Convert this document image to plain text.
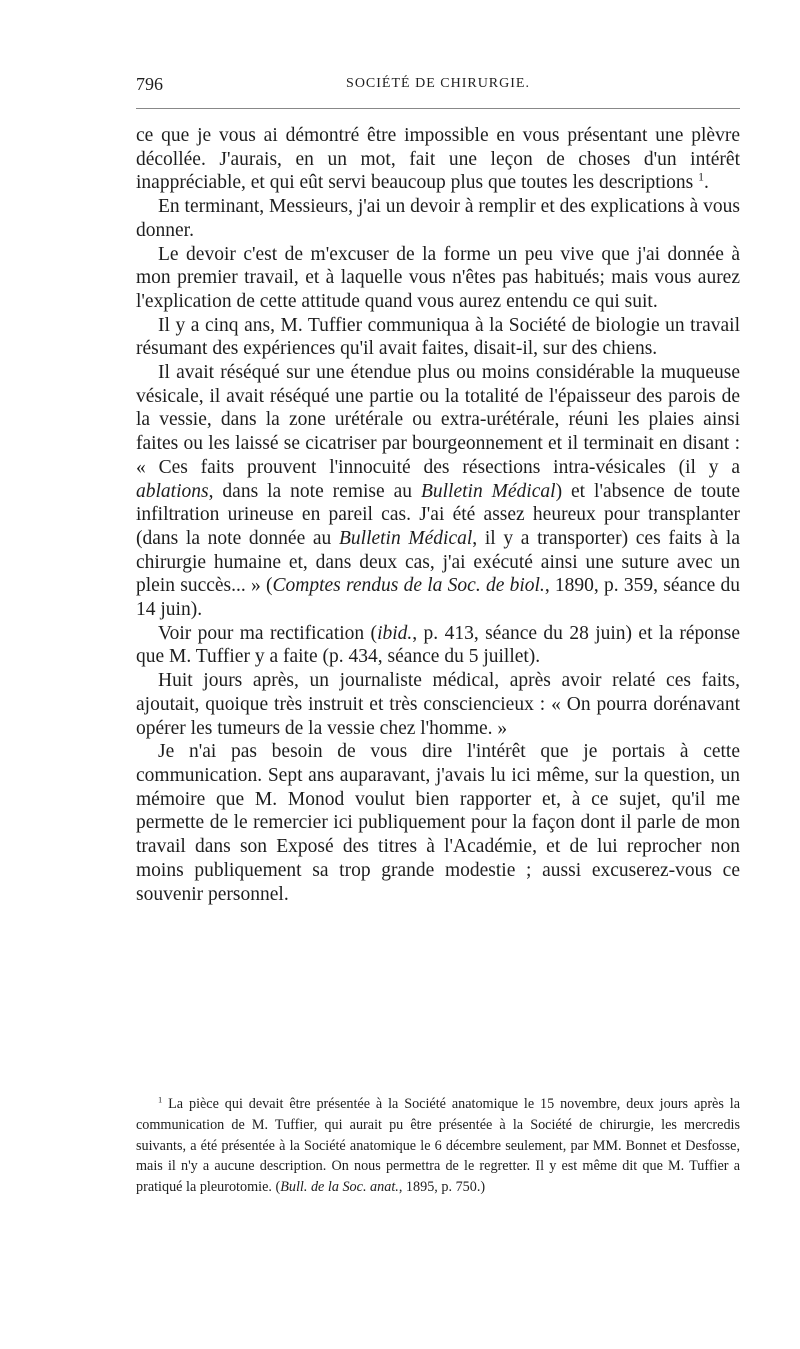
796	SOCIÉTÉ DE CHIRURGIE.

ce que je vous ai démontré être impossible en vous présentant une plèvre décollée. J'aurais, en un mot, fait une leçon de choses d'un intérêt inappréciable, et qui eût servi beaucoup plus que toutes les descriptions $^1$.

En terminant, Messieurs, j'ai un devoir à remplir et des explications à vous donner.

Le devoir c'est de m'excuser de la forme un peu vive que j'ai donnée à mon premier travail, et à laquelle vous n'êtes pas habitués; mais vous aurez l'explication de cette attitude quand vous aurez entendu ce qui suit.

Il y a cinq ans, M. Tuffier communiqua à la Société de biologie un travail résumant des expériences qu'il avait faites, disait-il, sur des chiens.

Il avait réséqué sur une étendue plus ou moins considérable la muqueuse vésicale, il avait réséqué une partie ou la totalité de l'épaisseur des parois de la vessie, dans la zone urétérale ou extra-urétérale, réuni les plaies ainsi faites ou les laissé se cicatriser par bourgeonnement et il terminait en disant : « Ces faits prouvent l'innocuité des résections intra-vésicales (il y a ablations, dans la note remise au Bulletin Médical) et l'absence de toute infiltration urineuse en pareil cas. J'ai été assez heureux pour transplanter (dans la note donnée au Bulletin Médical, il y a transporter) ces faits à la chirurgie humaine et, dans deux cas, j'ai exécuté ainsi une suture avec un plein succès... » (Comptes rendus de la Soc. de biol., 1890, p. 359, séance du 14 juin).

Voir pour ma rectification (ibid., p. 413, séance du 28 juin) et la réponse que M. Tuffier y a faite (p. 434, séance du 5 juillet).

Huit jours après, un journaliste médical, après avoir relaté ces faits, ajoutait, quoique très instruit et très consciencieux : « On pourra dorénavant opérer les tumeurs de la vessie chez l'homme. »

Je n'ai pas besoin de vous dire l'intérêt que je portais à cette communication. Sept ans auparavant, j'avais lu ici même, sur la question, un mémoire que M. Monod voulut bien rapporter et, à ce sujet, qu'il me permette de le remercier ici publiquement pour la façon dont il parle de mon travail dans son Exposé des titres à l'Académie, et de lui reprocher non moins publiquement sa trop grande modestie ; aussi excuserez-vous ce souvenir personnel.

$^1$ La pièce qui devait être présentée à la Société anatomique le 15 novembre, deux jours après la communication de M. Tuffier, qui aurait pu être présentée à la Société de chirurgie, les mercredis suivants, a été présentée à la Société anatomique le 6 décembre seulement, par MM. Bonnet et Desfosse, mais il n'y a aucune description. On nous permettra de le regretter. Il y est même dit que M. Tuffier a pratiqué la pleurotomie. (Bull. de la Soc. anat., 1895, p. 750.)
